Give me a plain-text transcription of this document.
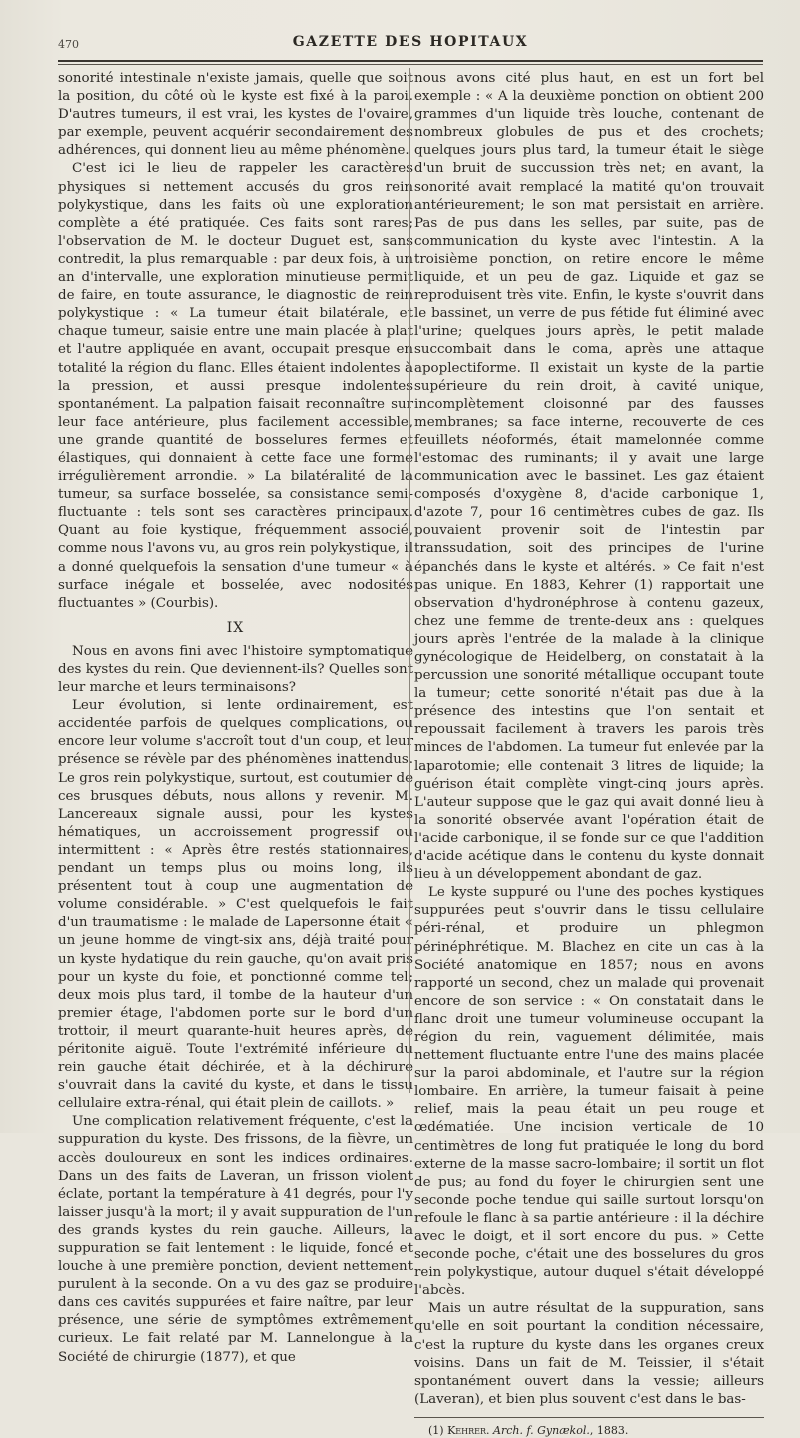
470	GAZETTE DES HOPITAUX

sonorité intestinale n'existe jamais, quelle que soit la position, du côté où le kyste est fixé à la paroi. D'autres tumeurs, il est vrai, les kystes de l'ovaire, par exemple, peuvent acquérir secondairement des adhérences, qui donnent lieu au même phénomène.

C'est ici le lieu de rappeler les caractères physiques si nettement accusés du gros rein polykystique, dans les faits où une exploration complète a été pratiquée. Ces faits sont rares; l'observation de M. le docteur Duguet est, sans contredit, la plus remarquable : par deux fois, à un an d'intervalle, une exploration minutieuse permit de faire, en toute assurance, le diagnostic de rein polykystique : « La tumeur était bilatérale, et chaque tumeur, saisie entre une main placée à plat et l'autre appliquée en avant, occupait presque en totalité la région du flanc. Elles étaient indolentes à la pression, et aussi presque indolentes spontanément. La palpation faisait reconnaître sur leur face antérieure, plus facilement accessible, une grande quantité de bosselures fermes et élastiques, qui donnaient à cette face une forme irrégulièrement arrondie. » La bilatéralité de la tumeur, sa surface bosselée, sa consistance semi-fluctuante : tels sont ses caractères principaux. Quant au foie kystique, fréquemment associé, comme nous l'avons vu, au gros rein polykystique, il a donné quelquefois la sensation d'une tumeur « à surface inégale et bosselée, avec nodosités fluctuantes » (Courbis).

IX

Nous en avons fini avec l'histoire symptomatique des kystes du rein. Que deviennent-ils? Quelles sont leur marche et leurs terminaisons?

Leur évolution, si lente ordinairement, est accidentée parfois de quelques complications, ou encore leur volume s'accroît tout d'un coup, et leur présence se révèle par des phénomènes inattendus. Le gros rein polykystique, surtout, est coutumier de ces brusques débuts, nous allons y revenir. M. Lancereaux signale aussi, pour les kystes hématiques, un accroissement progressif ou intermittent : « Après être restés stationnaires, pendant un temps plus ou moins long, ils présentent tout à coup une augmentation de volume considérable. » C'est quelquefois le fait d'un traumatisme : le malade de Lapersonne était « un jeune homme de vingt-six ans, déjà traité pour un kyste hydatique du rein gauche, qu'on avait pris pour un kyste du foie, et ponctionné comme tel; deux mois plus tard, il tombe de la hauteur d'un premier étage, l'abdomen porte sur le bord d'un trottoir, il meurt quarante-huit heures après, de péritonite aiguë. Toute l'extrémité inférieure du rein gauche était déchirée, et à la déchirure s'ouvrait dans la cavité du kyste, et dans le tissu cellulaire extra-rénal, qui était plein de caillots. »

Une complication relativement fréquente, c'est la suppuration du kyste. Des frissons, de la fièvre, un accès douloureux en sont les indices ordinaires. Dans un des faits de Laveran, un frisson violent éclate, portant la température à 41 degrés, pour l'y laisser jusqu'à la mort; il y avait suppuration de l'un des grands kystes du rein gauche. Ailleurs, la suppuration se fait lentement : le liquide, foncé et louche à une première ponction, devient nettement purulent à la seconde. On a vu des gaz se produire dans ces cavités suppurées et faire naître, par leur présence, une série de symptômes extrêmement curieux. Le fait relaté par M. Lannelongue à la Société de chirurgie (1877), et que

nous avons cité plus haut, en est un fort bel exemple : « A la deuxième ponction on obtient 200 grammes d'un liquide très louche, contenant de nombreux globules de pus et des crochets; quelques jours plus tard, la tumeur était le siège d'un bruit de succussion très net; en avant, la sonorité avait remplacé la matité qu'on trouvait antérieurement; le son mat persistait en arrière. Pas de pus dans les selles, par suite, pas de communication du kyste avec l'intestin. A la troisième ponction, on retire encore le même liquide, et un peu de gaz. Liquide et gaz se reproduisent très vite. Enfin, le kyste s'ouvrit dans le bassinet, un verre de pus fétide fut éliminé avec l'urine; quelques jours après, le petit malade succombait dans le coma, après une attaque apoplectiforme. Il existait un kyste de la partie supérieure du rein droit, à cavité unique, incomplètement cloisonné par des fausses membranes; sa face interne, recouverte de ces feuillets néoformés, était mamelonnée comme l'estomac des ruminants; il y avait une large communication avec le bassinet. Les gaz étaient composés d'oxygène 8, d'acide carbonique 1, d'azote 7, pour 16 centimètres cubes de gaz. Ils pouvaient provenir soit de l'intestin par transsudation, soit des principes de l'urine épanchés dans le kyste et altérés. » Ce fait n'est pas unique. En 1883, Kehrer (1) rapportait une observation d'hydronéphrose à contenu gazeux, chez une femme de trente-deux ans : quelques jours après l'entrée de la malade à la clinique gynécologique de Heidelberg, on constatait à la percussion une sonorité métallique occupant toute la tumeur; cette sonorité n'était pas due à la présence des intestins que l'on sentait et repoussait facilement à travers les parois très minces de l'abdomen. La tumeur fut enlevée par la laparotomie; elle contenait 3 litres de liquide; la guérison était complète vingt-cinq jours après. L'auteur suppose que le gaz qui avait donné lieu à la sonorité observée avant l'opération était de l'acide carbonique, il se fonde sur ce que l'addition d'acide acétique dans le contenu du kyste donnait lieu à un développement abondant de gaz.

Le kyste suppuré ou l'une des poches kystiques suppurées peut s'ouvrir dans le tissu cellulaire péri-rénal, et produire un phlegmon périnéphrétique. M. Blachez en cite un cas à la Société anatomique en 1857; nous en avons rapporté un second, chez un malade qui provenait encore de son service : « On constatait dans le flanc droit une tumeur volumineuse occupant la région du rein, vaguement délimitée, mais nettement fluctuante entre l'une des mains placée sur la paroi abdominale, et l'autre sur la région lombaire. En arrière, la tumeur faisait à peine relief, mais la peau était un peu rouge et œdématiée. Une incision verticale de 10 centimètres de long fut pratiquée le long du bord externe de la masse sacro-lombaire; il sortit un flot de pus; au fond du foyer le chirurgien sent une seconde poche tendue qui saille surtout lorsqu'on refoule le flanc à sa partie antérieure : il la déchire avec le doigt, et il sort encore du pus. » Cette seconde poche, c'était une des bosselures du gros rein polykystique, autour duquel s'était développé l'abcès.

Mais un autre résultat de la suppuration, sans qu'elle en soit pourtant la condition nécessaire, c'est la rupture du kyste dans les organes creux voisins. Dans un fait de M. Teissier, il s'était spontanément ouvert dans la vessie; ailleurs (Laveran), et bien plus souvent c'est dans le bas-

(1) Kehrer. Arch. f. Gynækol., 1883.
